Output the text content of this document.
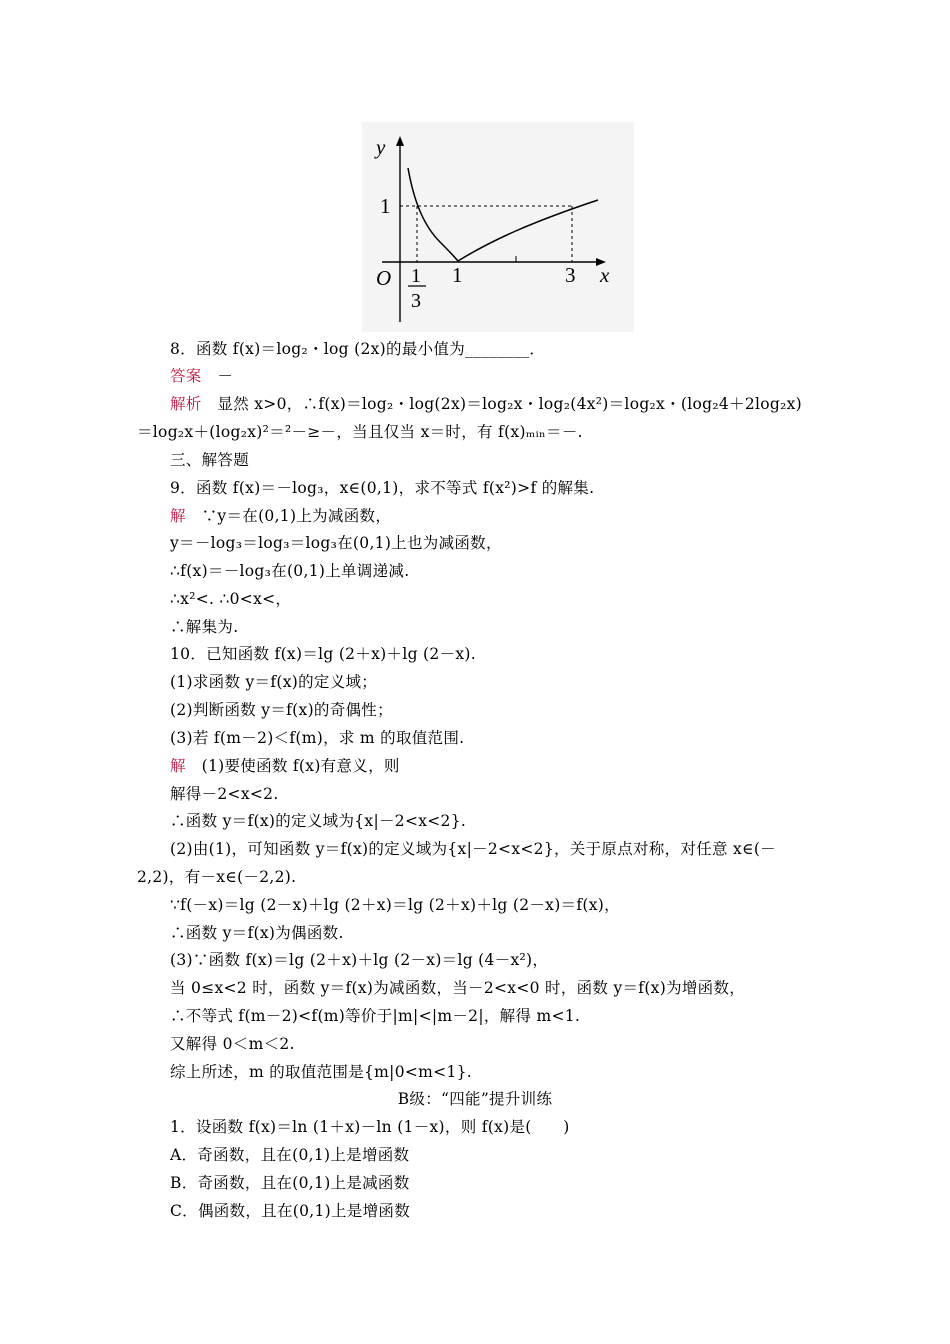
y
x
O
1
1
3
1	3
8．函数 f(x)＝log₂・log (2x)的最小值为________．
答案　－
解析　显然 x>0，∴f(x)＝log₂・log(2x)＝log₂x・log₂(4x²)＝log₂x・(log₂4＋2log₂x)
＝log₂x＋(log₂x)²＝²－≥－，当且仅当 x＝时，有 f(x)ₘᵢₙ＝－.
三、解答题
9．函数 f(x)＝－log₃，x∈(0,1)，求不等式 f(x²)>f 的解集.
解　∵y＝在(0,1)上为减函数，
y＝－log₃＝log₃＝log₃在(0,1)上也为减函数，
∴f(x)＝－log₃在(0,1)上单调递减.
∴x²<. ∴0<x<，
∴解集为.
10．已知函数 f(x)＝lg (2＋x)＋lg (2－x).
(1)求函数 y＝f(x)的定义域；
(2)判断函数 y＝f(x)的奇偶性；
(3)若 f(m－2)＜f(m)，求 m 的取值范围.
解　(1)要使函数 f(x)有意义，则
解得－2<x<2.
∴函数 y＝f(x)的定义域为{x|－2<x<2}.
(2)由(1)，可知函数 y＝f(x)的定义域为{x|－2<x<2}，关于原点对称，对任意 x∈(－
2,2)，有－x∈(－2,2).
∵f(－x)＝lg (2－x)＋lg (2＋x)＝lg (2＋x)＋lg (2－x)＝f(x)，
∴函数 y＝f(x)为偶函数.
(3)∵函数 f(x)＝lg (2＋x)＋lg (2－x)＝lg (4－x²)，
当 0≤x<2 时，函数 y＝f(x)为减函数，当－2<x<0 时，函数 y＝f(x)为增函数，
∴不等式 f(m－2)<f(m)等价于|m|<|m－2|，解得 m<1.
又解得 0＜m＜2.
综上所述，m 的取值范围是{m|0<m<1}.
B级：“四能”提升训练
1．设函数 f(x)＝ln (1＋x)－ln (1－x)，则 f(x)是(　　)
A．奇函数，且在(0,1)上是增函数
B．奇函数，且在(0,1)上是减函数
C．偶函数，且在(0,1)上是增函数
